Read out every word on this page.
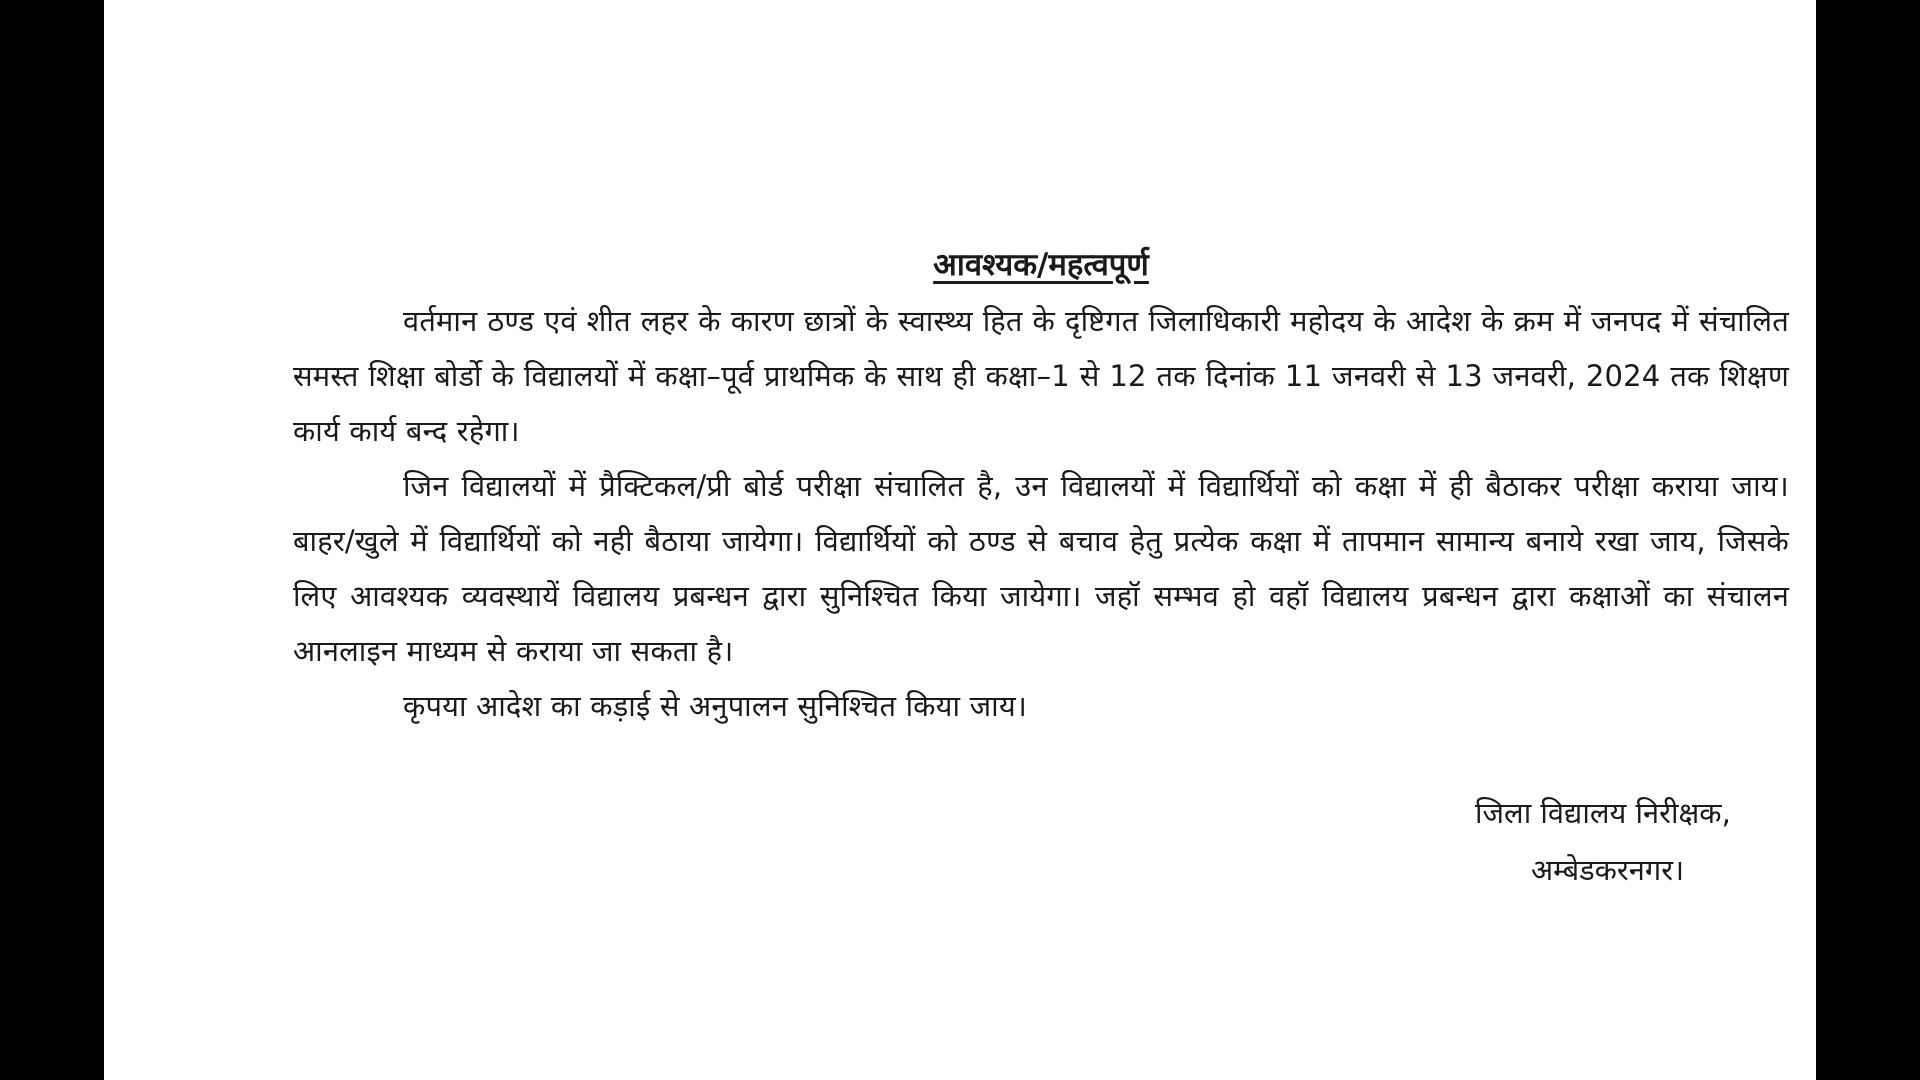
आवश्यक/महत्वपूर्ण

वर्तमान ठण्ड एवं शीत लहर के कारण छात्रों के स्वास्थ्य हित के दृष्टिगत जिलाधिकारी महोदय के आदेश के क्रम में जनपद में संचालित समस्त शिक्षा बोर्डो के विद्यालयों में कक्षा–पूर्व प्राथमिक के साथ ही कक्षा–1 से 12 तक दिनांक 11 जनवरी से 13 जनवरी, 2024 तक शिक्षण कार्य कार्य बन्द रहेगा।

जिन विद्यालयों में प्रैक्टिकल/प्री बोर्ड परीक्षा संचालित है, उन विद्यालयों में विद्यार्थियों को कक्षा में ही बैठाकर परीक्षा कराया जाय। बाहर/खुले में विद्यार्थियों को नही बैठाया जायेगा। विद्यार्थियों को ठण्ड से बचाव हेतु प्रत्येक कक्षा में तापमान सामान्य बनाये रखा जाय, जिसके लिए आवश्यक व्यवस्थायें विद्यालय प्रबन्धन द्वारा सुनिश्चित किया जायेगा। जहॉ सम्भव हो वहॉ विद्यालय प्रबन्धन द्वारा कक्षाओं का संचालन आनलाइन माध्यम से कराया जा सकता है।

कृपया आदेश का कड़ाई से अनुपालन सुनिश्चित किया जाय।

जिला विद्यालय निरीक्षक,
अम्बेडकरनगर।
